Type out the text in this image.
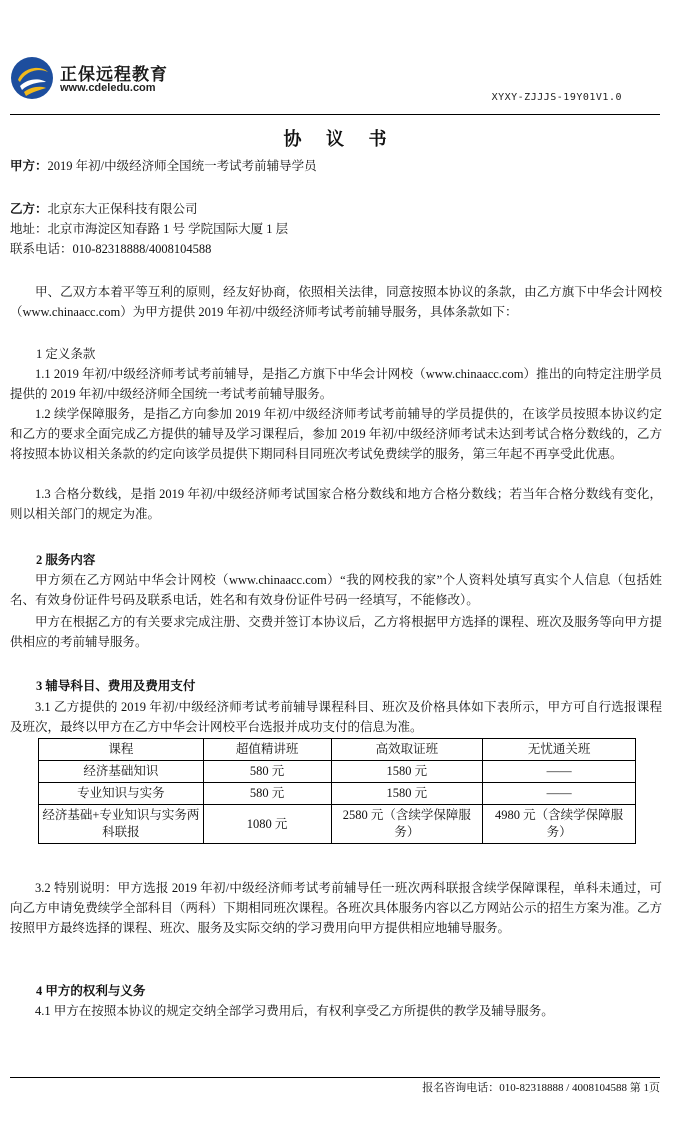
正保远程教育
www.cdeledu.com
XYXY-ZJJJS-19Y01V1.0
协 议 书
甲方：2019 年初/中级经济师全国统一考试考前辅导学员
乙方：北京东大正保科技有限公司
地址：北京市海淀区知春路 1 号 学院国际大厦 1 层
联系电话：010-82318888/4008104588
甲、乙双方本着平等互利的原则，经友好协商，依照相关法律，同意按照本协议的条款，由乙方旗下中华会计网校（www.chinaacc.com）为甲方提供 2019 年初/中级经济师考试考前辅导服务，具体条款如下：
1 定义条款
1.1 2019 年初/中级经济师考试考前辅导，是指乙方旗下中华会计网校（www.chinaacc.com）推出的向特定注册学员提供的 2019 年初/中级经济师全国统一考试考前辅导服务。
1.2 续学保障服务，是指乙方向参加 2019 年初/中级经济师考试考前辅导的学员提供的，在该学员按照本协议约定和乙方的要求全面完成乙方提供的辅导及学习课程后，参加 2019 年初/中级经济师考试未达到考试合格分数线的，乙方将按照本协议相关条款的约定向该学员提供下期同科目同班次考试免费续学的服务，第三年起不再享受此优惠。
1.3 合格分数线，是指 2019 年初/中级经济师考试国家合格分数线和地方合格分数线；若当年合格分数线有变化，则以相关部门的规定为准。
2 服务内容
甲方须在乙方网站中华会计网校（www.chinaacc.com）“我的网校我的家”个人资料处填写真实个人信息（包括姓名、有效身份证件号码及联系电话，姓名和有效身份证件号码一经填写，不能修改）。
甲方在根据乙方的有关要求完成注册、交费并签订本协议后，乙方将根据甲方选择的课程、班次及服务等向甲方提供相应的考前辅导服务。
3 辅导科目、费用及费用支付
3.1 乙方提供的 2019 年初/中级经济师考试考前辅导课程科目、班次及价格具体如下表所示，甲方可自行选报课程及班次，最终以甲方在乙方中华会计网校平台选报并成功支付的信息为准。
课程	超值精讲班	高效取证班	无忧通关班
经济基础知识	580 元	1580 元	——
专业知识与实务	580 元	1580 元	——
经济基础+专业知识与实务两科联报	1080 元	2580 元（含续学保障服务）	4980 元（含续学保障服务）
3.2 特别说明：甲方选报 2019 年初/中级经济师考试考前辅导任一班次两科联报含续学保障课程，单科未通过，可向乙方申请免费续学全部科目（两科）下期相同班次课程。各班次具体服务内容以乙方网站公示的招生方案为准。乙方按照甲方最终选择的课程、班次、服务及实际交纳的学习费用向甲方提供相应地辅导服务。
4 甲方的权利与义务
4.1 甲方在按照本协议的规定交纳全部学习费用后，有权利享受乙方所提供的教学及辅导服务。
报名咨询电话：010-82318888 / 4008104588 第 1页
